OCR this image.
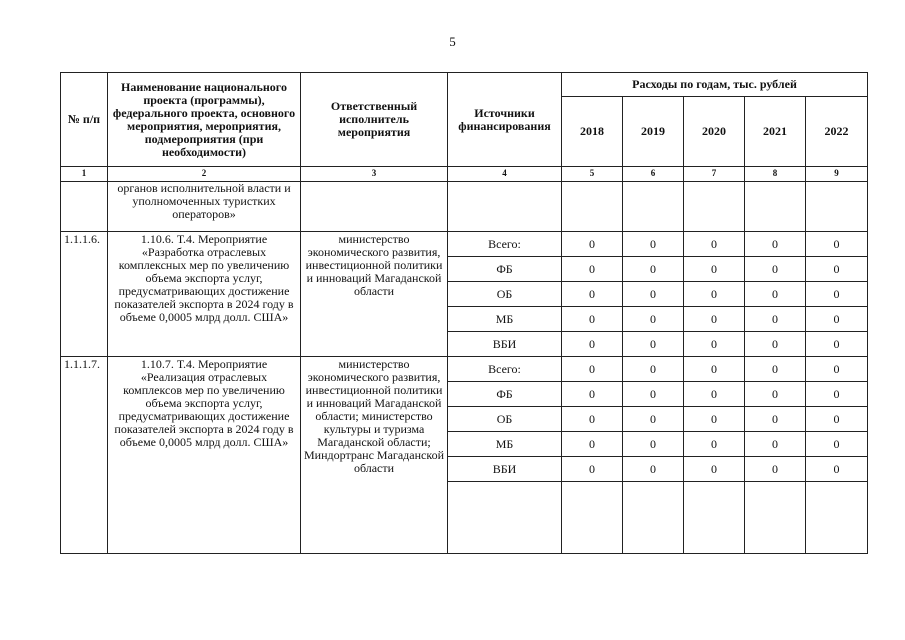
5
№ п/п	Наименование национального проекта (программы), федерального проекта, основного мероприятия, мероприятия, подмероприятия (при необходимости)	Ответственный исполнитель мероприятия	Источники финансирования	Расходы по годам, тыс. рублей				
				2018	2019	2020	2021	2022
1	2	3	4	5	6	7	8	9
	органов исполнительной власти и уполномоченных туристких операторов»							
1.1.1.6.	1.10.6. Т.4. Мероприятие «Разработка отраслевых комплексных мер по увеличению объема экспорта услуг, предусматривающих достижение показателей экспорта в 2024 году в объеме 0,0005 млрд долл. США»	министерство экономического развития, инвестиционной политики и инноваций Магаданской области	Всего:	0	0	0	0	0
			ФБ	0	0	0	0	0
			ОБ	0	0	0	0	0
			МБ	0	0	0	0	0
			ВБИ	0	0	0	0	0
1.1.1.7.	1.10.7. Т.4. Мероприятие «Реализация отраслевых комплексов мер по увеличению объема экспорта услуг, предусматривающих достижение показателей экспорта в 2024 году в объеме 0,0005 млрд долл. США»	министерство экономического развития, инвестиционной политики и инноваций Магаданской области; министерство культуры и туризма Магаданской области; Миндортранс Магаданской области	Всего:	0	0	0	0	0
			ФБ	0	0	0	0	0
			ОБ	0	0	0	0	0
			МБ	0	0	0	0	0
			ВБИ	0	0	0	0	0
